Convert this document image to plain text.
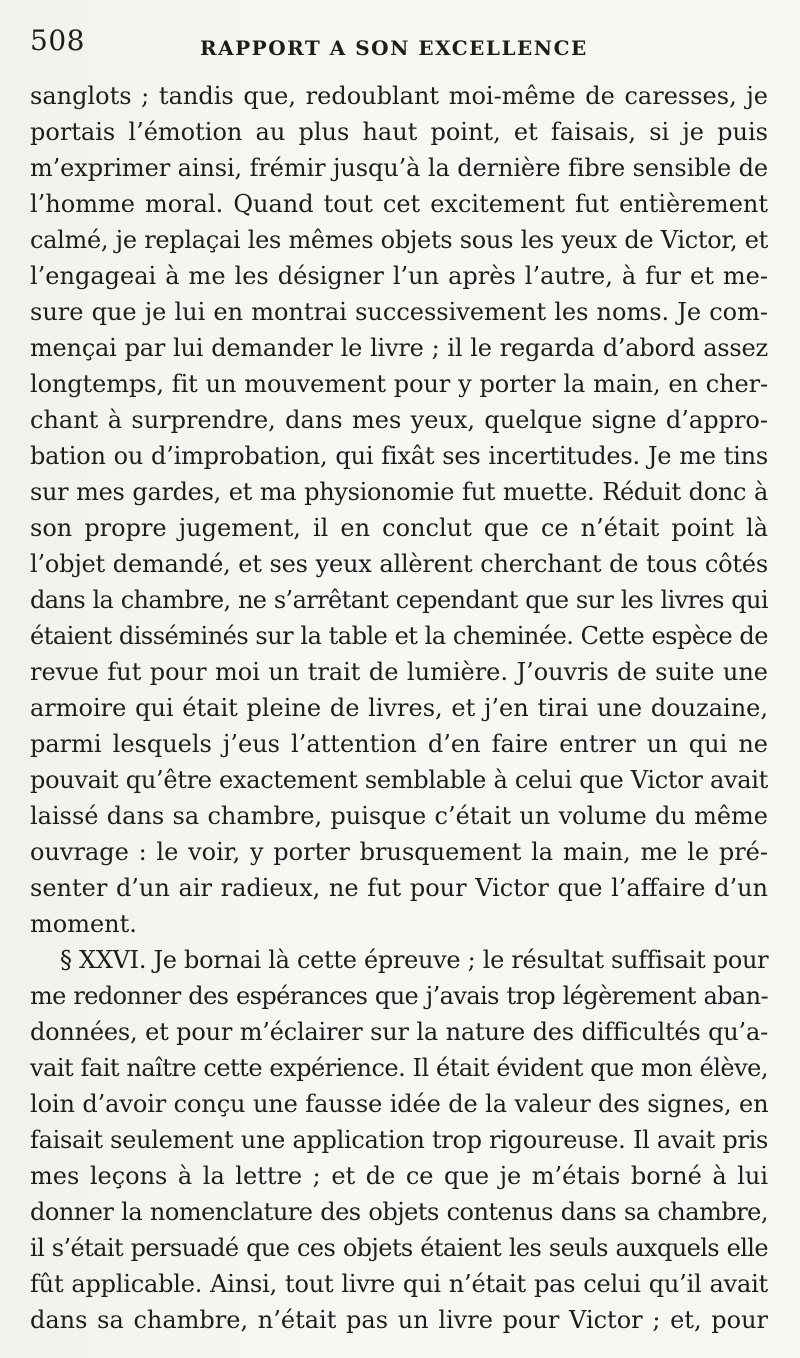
508	RAPPORT A SON EXCELLENCE
sanglots ; tandis que, redoublant moi-même de caresses, je
portais l’émotion au plus haut point, et faisais, si je puis
m’exprimer ainsi, frémir jusqu’à la dernière fibre sensible de
l’homme moral. Quand tout cet excitement fut entièrement
calmé, je replaçai les mêmes objets sous les yeux de Victor, et
l’engageai à me les désigner l’un après l’autre, à fur et me-
sure que je lui en montrai successivement les noms. Je com-
mençai par lui demander le livre ; il le regarda d’abord assez
longtemps, fit un mouvement pour y porter la main, en cher-
chant à surprendre, dans mes yeux, quelque signe d’appro-
bation ou d’improbation, qui fixât ses incertitudes. Je me tins
sur mes gardes, et ma physionomie fut muette. Réduit donc à
son propre jugement, il en conclut que ce n’était point là
l’objet demandé, et ses yeux allèrent cherchant de tous côtés
dans la chambre, ne s’arrêtant cependant que sur les livres qui
étaient disséminés sur la table et la cheminée. Cette espèce de
revue fut pour moi un trait de lumière. J’ouvris de suite une
armoire qui était pleine de livres, et j’en tirai une douzaine,
parmi lesquels j’eus l’attention d’en faire entrer un qui ne
pouvait qu’être exactement semblable à celui que Victor avait
laissé dans sa chambre, puisque c’était un volume du même
ouvrage : le voir, y porter brusquement la main, me le pré-
senter d’un air radieux, ne fut pour Victor que l’affaire d’un
moment.
§ XXVI. Je bornai là cette épreuve ; le résultat suffisait pour
me redonner des espérances que j’avais trop légèrement aban-
données, et pour m’éclairer sur la nature des difficultés qu’a-
vait fait naître cette expérience. Il était évident que mon élève,
loin d’avoir conçu une fausse idée de la valeur des signes, en
faisait seulement une application trop rigoureuse. Il avait pris
mes leçons à la lettre ; et de ce que je m’étais borné à lui
donner la nomenclature des objets contenus dans sa chambre,
il s’était persuadé que ces objets étaient les seuls auxquels elle
fût applicable. Ainsi, tout livre qui n’était pas celui qu’il avait
dans sa chambre, n’était pas un livre pour Victor ; et, pour
